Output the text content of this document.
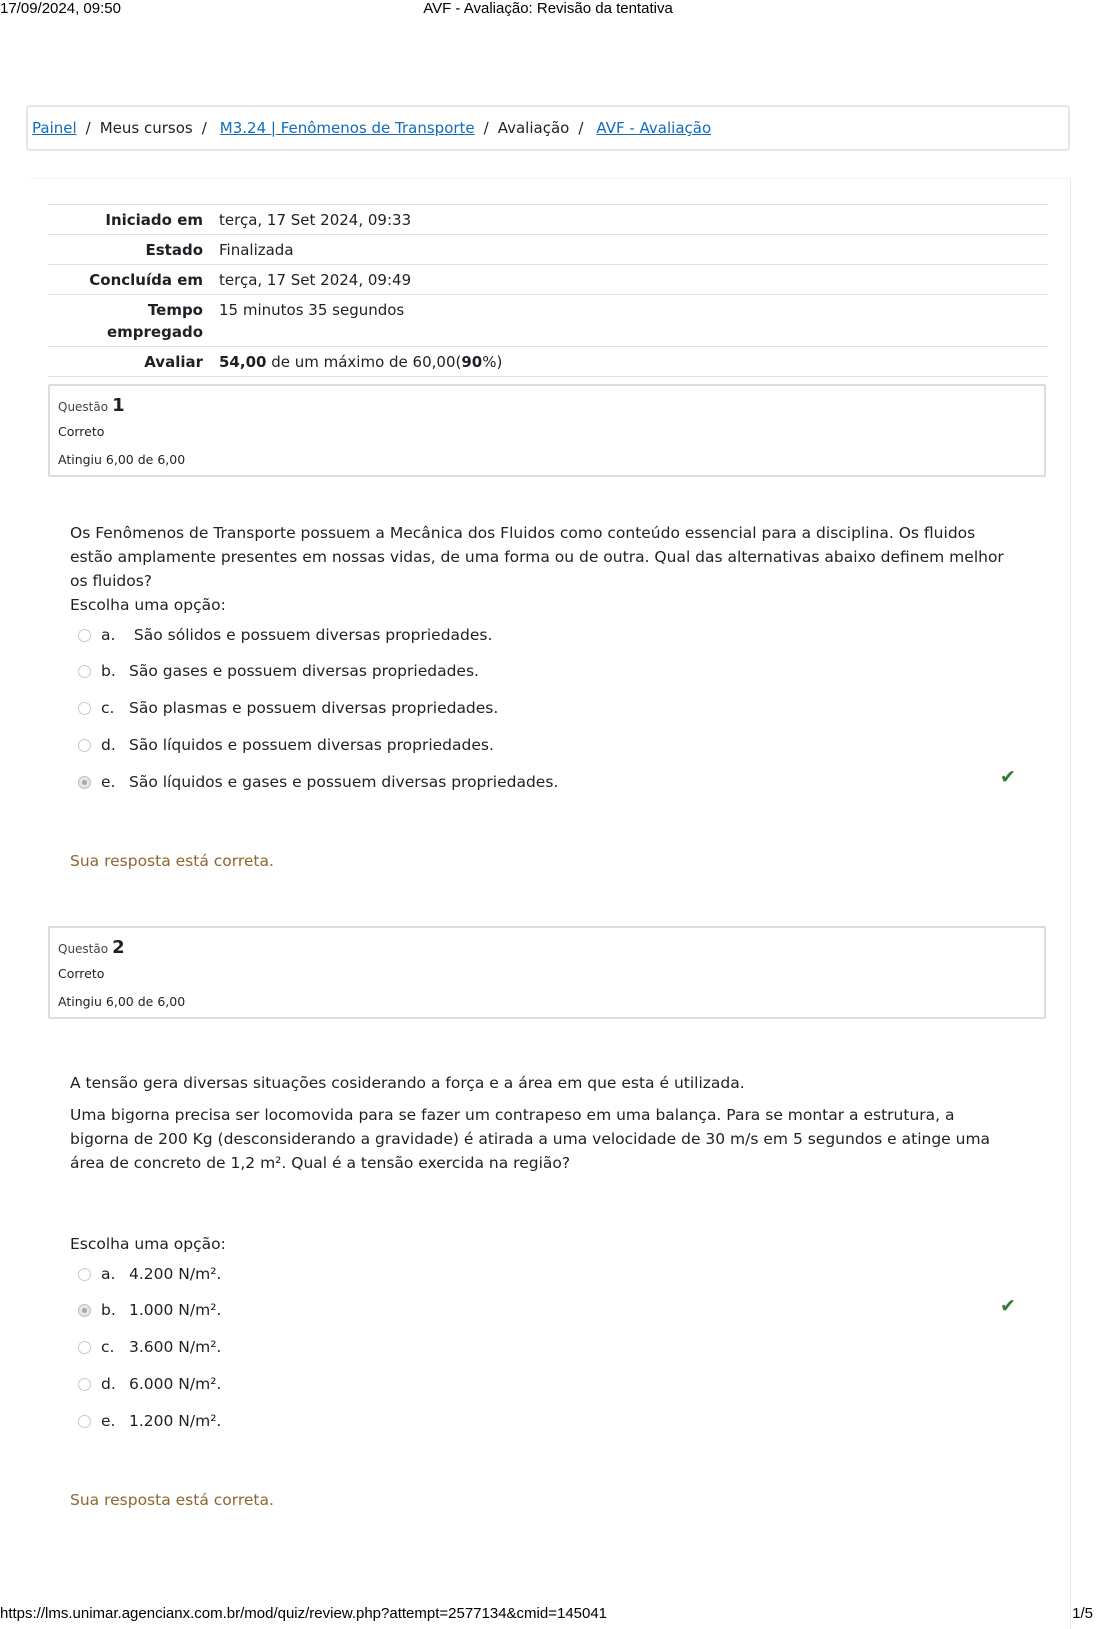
17/09/2024, 09:50	AVF - Avaliação: Revisão da tentativa
Painel / Meus cursos / M3.24 | Fenômenos de Transporte / Avaliação / AVF - Avaliação
Iniciado em	terça, 17 Set 2024, 09:33
Estado	Finalizada
Concluída em	terça, 17 Set 2024, 09:49
Tempo
empregado	15 minutos 35 segundos
Avaliar	54,00 de um máximo de 60,00(90%)
Questão 1
Correto
Atingiu 6,00 de 6,00

Os Fenômenos de Transporte possuem a Mecânica dos Fluidos como conteúdo essencial para a disciplina. Os fluidos estão amplamente presentes em nossas vidas, de uma forma ou de outra. Qual das alternativas abaixo definem melhor os fluidos?

Escolha uma opção:
a. São sólidos e possuem diversas propriedades.
b. São gases e possuem diversas propriedades.
c. São plasmas e possuem diversas propriedades.
d. São líquidos e possuem diversas propriedades.
e. São líquidos e gases e possuem diversas propriedades.	✔
Sua resposta está correta.
Questão 2
Correto
Atingiu 6,00 de 6,00

A tensão gera diversas situações cosiderando a força e a área em que esta é utilizada.

Uma bigorna precisa ser locomovida para se fazer um contrapeso em uma balança. Para se montar a estrutura, a bigorna de 200 Kg (desconsiderando a gravidade) é atirada a uma velocidade de 30 m/s em 5 segundos e atinge uma área de concreto de 1,2 m². Qual é a tensão exercida na região?

Escolha uma opção:
a. 4.200 N/m².
b. 1.000 N/m².	✔
c. 3.600 N/m².
d. 6.000 N/m².
e. 1.200 N/m².
Sua resposta está correta.
https://lms.unimar.agencianx.com.br/mod/quiz/review.php?attempt=2577134&cmid=145041	1/5
